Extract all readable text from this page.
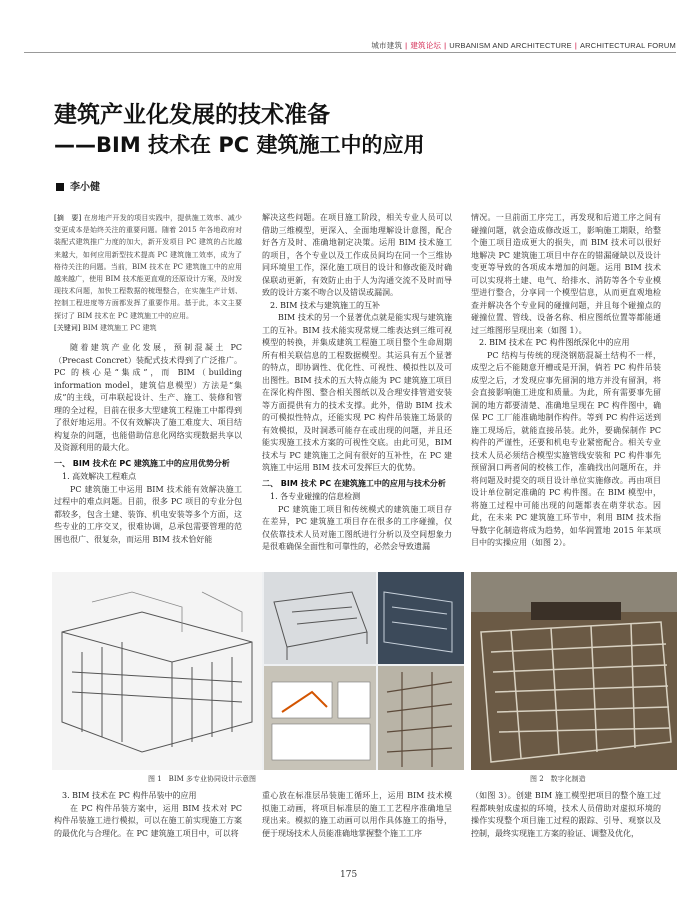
城市建筑 | 建筑论坛 | URBANISM AND ARCHITECTURE | ARCHITECTURAL FORUM
建筑产业化发展的技术准备
——BIM 技术在 PC 建筑施工中的应用
李小健

[摘　要] 在房地产开发的项目实践中，提供施工效率、减少变更成本是始终关注的重要问题。随着 2015 年各地政府对装配式建筑推广力度的加大，新开发项目 PC 建筑的占比越来越大，如何应用新型技术提高 PC 建筑施工效率，成为了格待关注的问题。当前，BIM 技术在 PC 建筑施工中的应用越来越广，使用 BIM 技术能更直观的还原设计方案，及时发现技术问题，加快工程数据的梳理整合，在实施生产计划、控制工程进度等方面都发挥了重要作用。基于此，本文主要探讨了 BIM 技术在 PC 建筑施工中的应用。

[关键词] BIM 建筑施工 PC 建筑

随着建筑产业化发展，预制混凝土 PC（Precast Concret）装配式技术得到了广泛推广。PC 的核心是“集成”，而 BIM（building information model，建筑信息模型）方法是“集成”的主线，可串联起设计、生产、施工、装修和管理的全过程，目前在很多大型建筑工程施工中都得到了很好地运用。不仅有效解决了施工难度大、项目结构复杂的问题，也能借助信息化网络实现数据共享以及资源利用的最大化。

一、 BIM 技术在 PC 建筑施工中的应用优势分析
1. 高效解决工程难点

PC 建筑施工中运用 BIM 技术能有效解决施工过程中的难点问题。目前，很多 PC 项目的专业分包都较多，包含土建、装饰、机电安装等多个方面，这些专业的工序交叉，很难协调，总承包需要管理的范围也很广、很复杂，而运用 BIM 技术恰好能

解决这些问题。在项目施工阶段，相关专业人员可以借助三维模型，更深入、全面地理解设计意图，配合好各方及时、准确地制定决策。运用 BIM 技术施工的项目，各个专业以及工作成员间均在同一个三维协同环境里工作，深化施工项目的设计和修改能及时确保联动更新，有效防止由于人为沟通交流不及时而导致的设计方案不吻合以及错误或漏洞。

2. BIM 技术与建筑施工的互补

BIM 技术的另一个显著优点就是能实现与建筑施工的互补。BIM 技术能实现常规二维表达到三维可视模型的转换，并集成建筑工程施工项目整个生命周期所有相关联信息的工程数据模型。其运具有五个显著的特点，即协调性、优化性、可视性、模拟性以及可出图性。BIM 技术的五大特点能为 PC 建筑施工项目在深化构件图、整合相关图纸以及合理安排管道安装等方面提供有力的技术支撑。此外，借助 BIM 技术的可模拟性特点，还能实现 PC 构件吊装施工场景的有效模拟，及时洞悉可能存在或出现的问题，并且还能实现施工技术方案的可视性交底。由此可见，BIM 技术与 PC 建筑施工之间有很好的互补性，在 PC 建筑施工中运用 BIM 技术可发挥巨大的优势。

二、 BIM 技术 PC 在建筑施工中的应用与技术分析
1. 各专业碰撞的信息检测

PC 建筑施工项目和传统模式的建筑施工项目存在差异，PC 建筑施工项目存在很多的工序碰撞，仅仅依靠技术人员对施工图纸进行分析以及空间想象力是很难确保全面性和可靠性的，必然会导致遗漏

情况。一旦前面工序完工，再发现和后道工序之间有碰撞问题，就会造成修改返工，影响施工期限，给整个施工项目造成更大的损失，而 BIM 技术可以很好地解决 PC 建筑施工项目中存在的错漏碰缺以及设计变更等导致的各项成本增加的问题。运用 BIM 技术可以实现将土建、电气、给排水、消防等各个专业模型进行整合，分享同一个模型信息，从而更直观地检查并解决各个专业间的碰撞问题，并且每个碰撞点的碰撞位置、管线、设备名称、相应图纸位置等都能通过三维图形呈现出来（如图 1）。

2. BIM 技术在 PC 构件图纸深化中的应用

PC 结构与传统的现浇钢筋混凝土结构不一样，成型之后不能随意开槽或是开洞，倘若 PC 构件吊装成型之后，才发现应事先留洞的地方并没有留洞，将会直接影响施工进度和质量。为此，所有需要事先留洞的地方都要清楚、准确地呈现在 PC 构件图中，确保 PC 工厂能准确地制作构件。等到 PC 构件运送到施工现场后，就能直接吊装。此外，要确保制作 PC 构件的严谨性，还要和机电专业紧密配合。相关专业技术人员必须结合模型实施管线安装和 PC 构件事先预留洞口两者间的校核工作，准确找出问题所在，并将问题及时提交的项目设计单位实施修改。再由项目设计单位制定准确的 PC 构件图。在 BIM 模型中，将施工过程中可能出现的问题都表在萌芽状态。因此，在未来 PC 建筑施工环节中，利用 BIM 技术指导数字化制造将成为趋势，如华润置地 2015 年某项目中的实操应用（如图 2）。

图 1　BIM 多专业协同设计示意图	图 2　数字化制造
3. BIM 技术在 PC 构件吊装中的应用

在 PC 构件吊装方案中，运用 BIM 技术对 PC 构件吊装施工进行模拟，可以在施工前实现施工方案的最优化与合理化。在 PC 建筑施工项目中，可以将

重心放在标准层吊装施工循环上，运用 BIM 技术模拟施工动画，将项目标准层的施工工艺程序准确地呈现出来。模拟的施工动画可以用作具体施工的指导，便于现场技术人员能准确地掌握整个施工工序

（如图 3）。创建 BIM 施工模型把项目的整个施工过程都映射成虚拟的环境，技术人员借助对虚拟环境的操作实现整个项目施工过程的跟踪、引导、观察以及控制，最终实现施工方案的验证、调整及优化，

175
